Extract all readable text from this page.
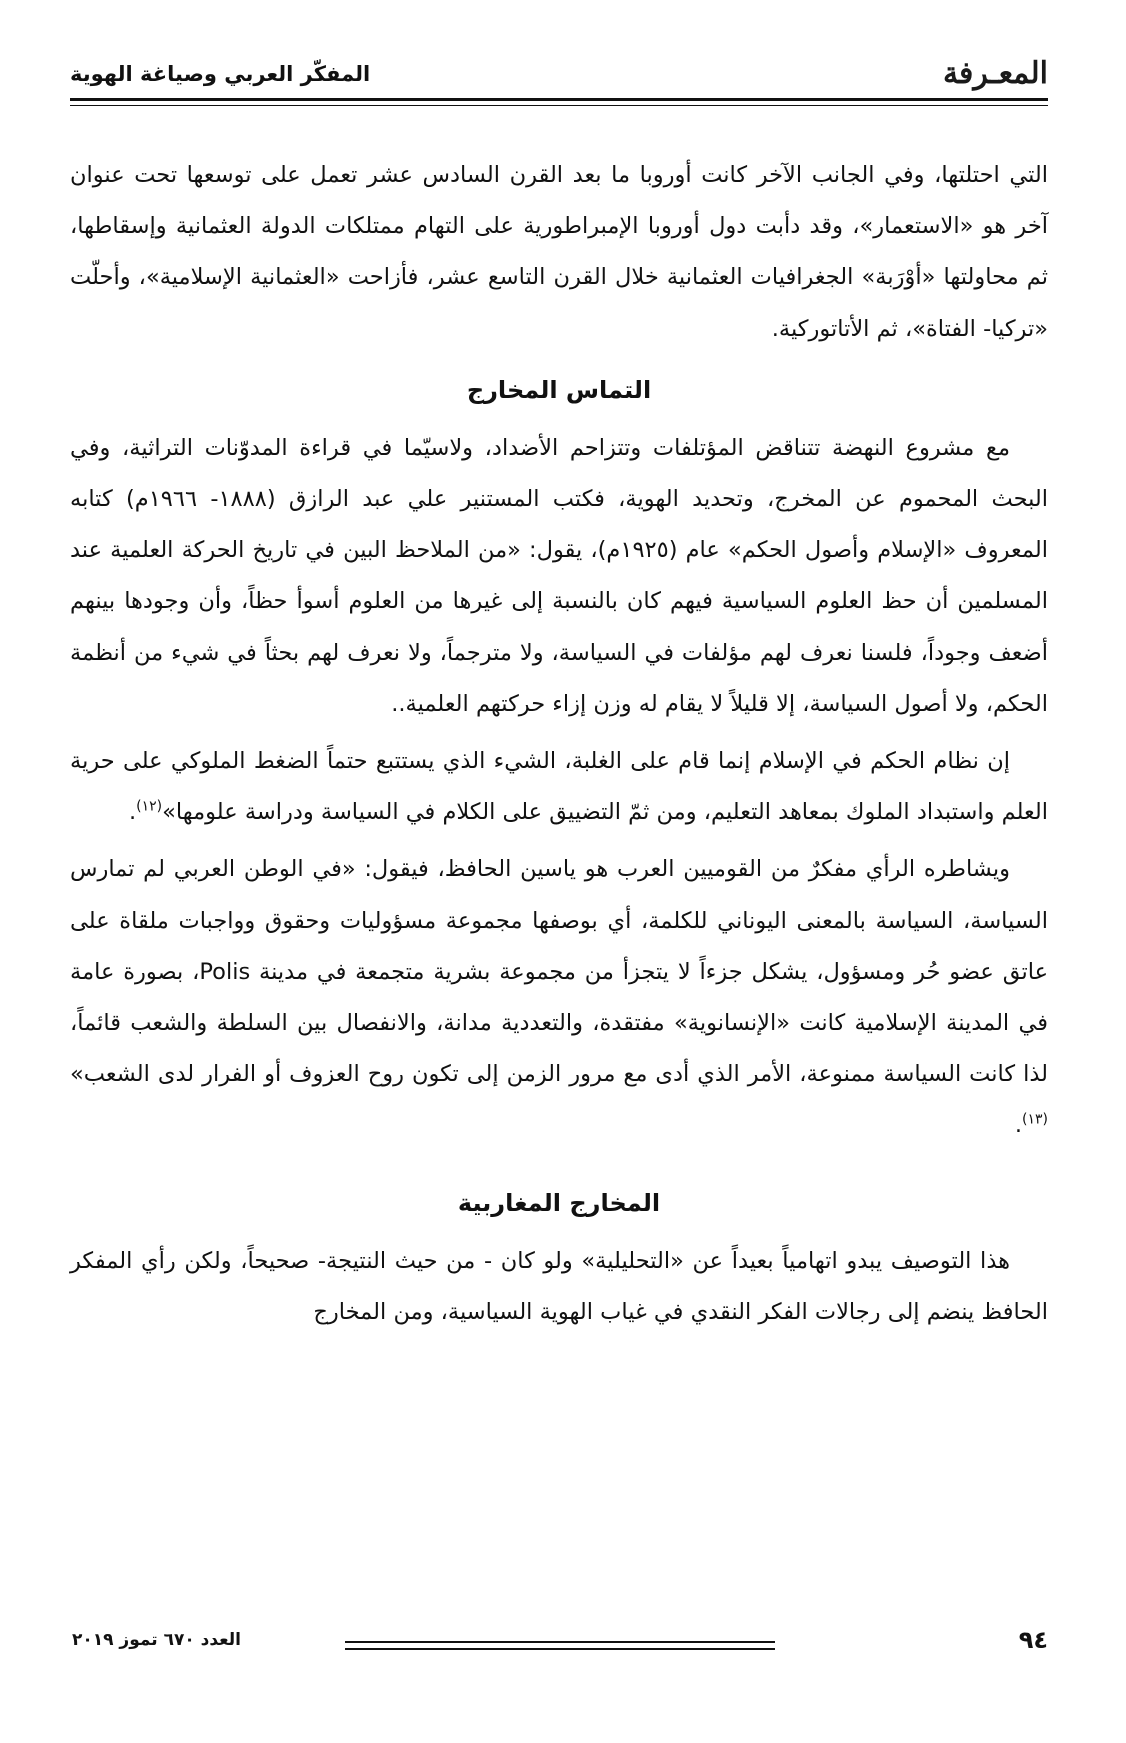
المعـرفة
المفكّر العربي وصياغة الهوية

التي احتلتها، وفي الجانب الآخر كانت أوروبا ما بعد القرن السادس عشر تعمل على توسعها تحت عنوان آخر هو «الاستعمار»، وقد دأبت دول أوروبا الإمبراطورية على التهام ممتلكات الدولة العثمانية وإسقاطها، ثم محاولتها «أوْرَبة» الجغرافيات العثمانية خلال القرن التاسع عشر، فأزاحت «العثمانية الإسلامية»، وأحلّت «تركيا- الفتاة»، ثم الأتاتوركية.

التماس المخارج

مع مشروع النهضة تتناقض المؤتلفات وتتزاحم الأضداد، ولاسيّما في قراءة المدوّنات التراثية، وفي البحث المحموم عن المخرج، وتحديد الهوية، فكتب المستنير علي عبد الرازق (١٨٨٨- ١٩٦٦م) كتابه المعروف «الإسلام وأصول الحكم» عام (١٩٢٥م)، يقول: «من الملاحظ البين في تاريخ الحركة العلمية عند المسلمين أن حظ العلوم السياسية فيهم كان بالنسبة إلى غيرها من العلوم أسوأ حظاً، وأن وجودها بينهم أضعف وجوداً، فلسنا نعرف لهم مؤلفات في السياسة، ولا مترجماً، ولا نعرف لهم بحثاً في شيء من أنظمة الحكم، ولا أصول السياسة، إلا قليلاً لا يقام له وزن إزاء حركتهم العلمية..

إن نظام الحكم في الإسلام إنما قام على الغلبة، الشيء الذي يستتبع حتماً الضغط الملوكي على حرية العلم واستبداد الملوك بمعاهد التعليم، ومن ثمّ التضييق على الكلام في السياسة ودراسة علومها»$^{(١٢)}$.

ويشاطره الرأي مفكرٌ من القوميين العرب هو ياسين الحافظ، فيقول: «في الوطن العربي لم تمارس السياسة، السياسة بالمعنى اليوناني للكلمة، أي بوصفها مجموعة مسؤوليات وحقوق وواجبات ملقاة على عاتق عضو حُر ومسؤول، يشكل جزءاً لا يتجزأ من مجموعة بشرية متجمعة في مدينة Polis، بصورة عامة في المدينة الإسلامية كانت «الإنسانوية» مفتقدة، والتعددية مدانة، والانفصال بين السلطة والشعب قائماً، لذا كانت السياسة ممنوعة، الأمر الذي أدى مع مرور الزمن إلى تكون روح العزوف أو الفرار لدى الشعب» $^{(١٣)}$.

المخارج المغاربية

هذا التوصيف يبدو اتهامياً بعيداً عن «التحليلية» ولو كان - من حيث النتيجة- صحيحاً، ولكن رأي المفكر الحافظ ينضم إلى رجالات الفكر النقدي في غياب الهوية السياسية، ومن المخارج

٩٤
العدد ٦٧٠ تموز ٢٠١٩
